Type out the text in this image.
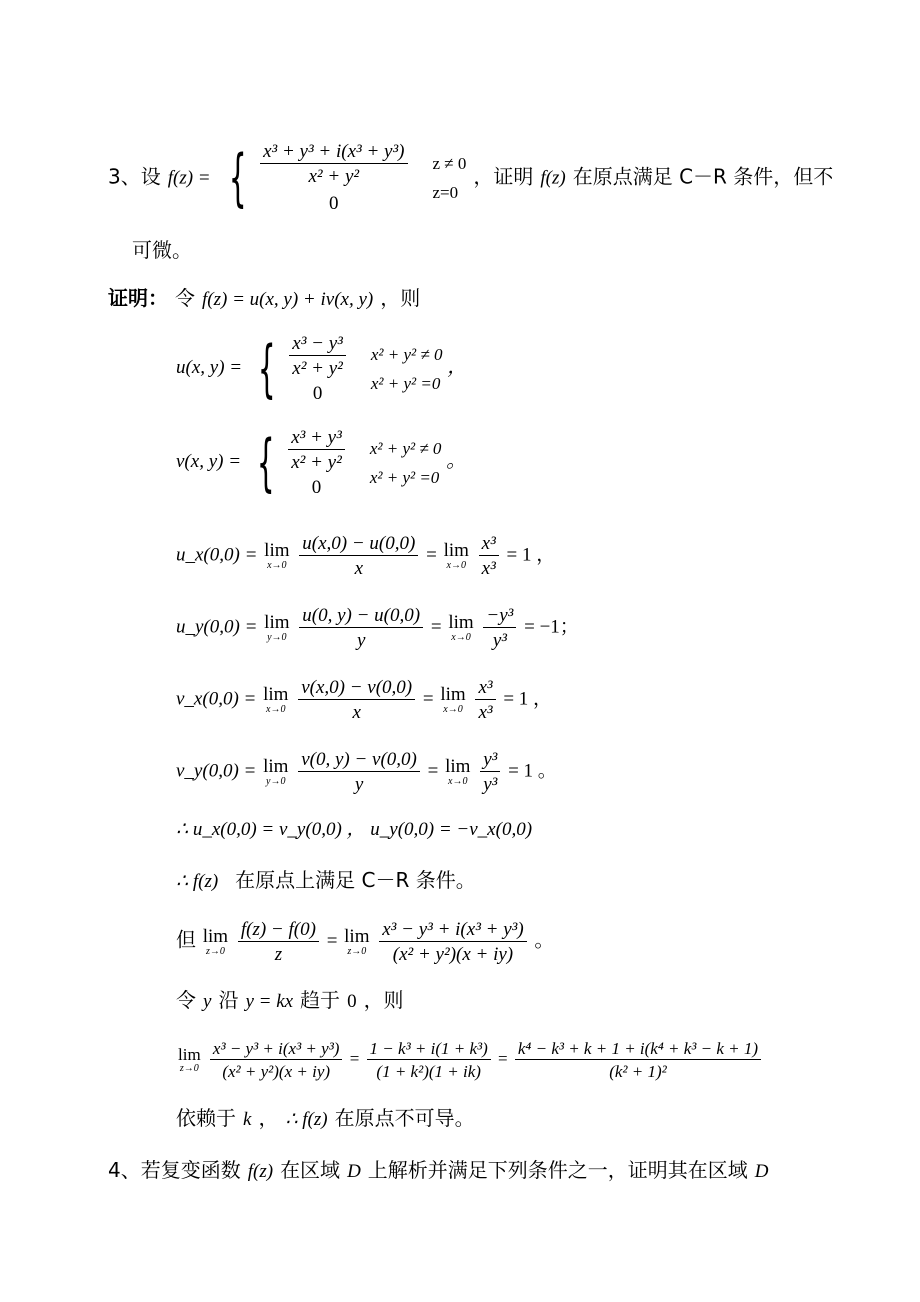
3、设 f(z) = { $\frac{\text{x³ + y³ + i(x³ + y³)}}{\text{x² + y²}}$
0
z ≠ 0
z=0
，证明 f(z) 在原点满足 C－R 条件，但不
可微。
证明： 令 f(z) = u(x, y) + iv(x, y) ，则
u(x, y) = { $\frac{\text{x³ − y³}}{\text{x² + y²}}$
0
x² + y² ≠ 0
x² + y² =0
，
v(x, y) = { $\frac{\text{x³ + y³}}{\text{x² + y²}}$
0
x² + y² ≠ 0
x² + y² =0
。
u_x(0,0) = lim
x→0
$\frac{u(x,0) - u(0,0)}{x} = \lim$
x→0
$\frac{\text{x³}}{\text{x³}} = 1$ ，
u_y(0,0) = lim
y→0
$\frac{u(0, y) - u(0,0)}{y} = \lim$
x→0
$\frac{\text{−y³}}{\text{y³}} = -1$；
v_x(0,0) = lim
x→0
$\frac{v(x,0) - v(0,0)}{x} = \lim$
x→0
$\frac{\text{x³}}{\text{x³}} = 1$ ，
v_y(0,0) = lim
y→0
$\frac{v(0, y) - v(0,0)}{y} = \lim$
x→0
$\frac{\text{y³}}{\text{y³}} = 1$ 。
∴ u_x(0,0) = v_y(0,0) ， u_y(0,0) = −v_x(0,0)
∴ f(z) 在原点上满足 C－R 条件。
但 lim
z→0
$\frac{f(z) - f(0)}{z} = \lim$
z→0
$\frac{\text{x³ − y³ + i(x³ + y³)}}{\text{(x² + y²)(x + iy)}}$ 。
令 y 沿 y = kx 趋于 0 ，则
lim
z→0
$\frac{\text{x³ − y³ + i(x³ + y³)}}{\text{(x² + y²)(x + iy)}} = \frac{\text{1 − k³ + i(1 + k³)}}{\text{(1 + k²)(1 + ik)}} = \frac{\text{k⁴ − k³ + k + 1 + i(k⁴ + k³ − k + 1)}}{\text{(k² + 1)²}}$
依赖于 k ， ∴ f(z) 在原点不可导。
4、若复变函数 f(z) 在区域 D 上解析并满足下列条件之一，证明其在区域 D
